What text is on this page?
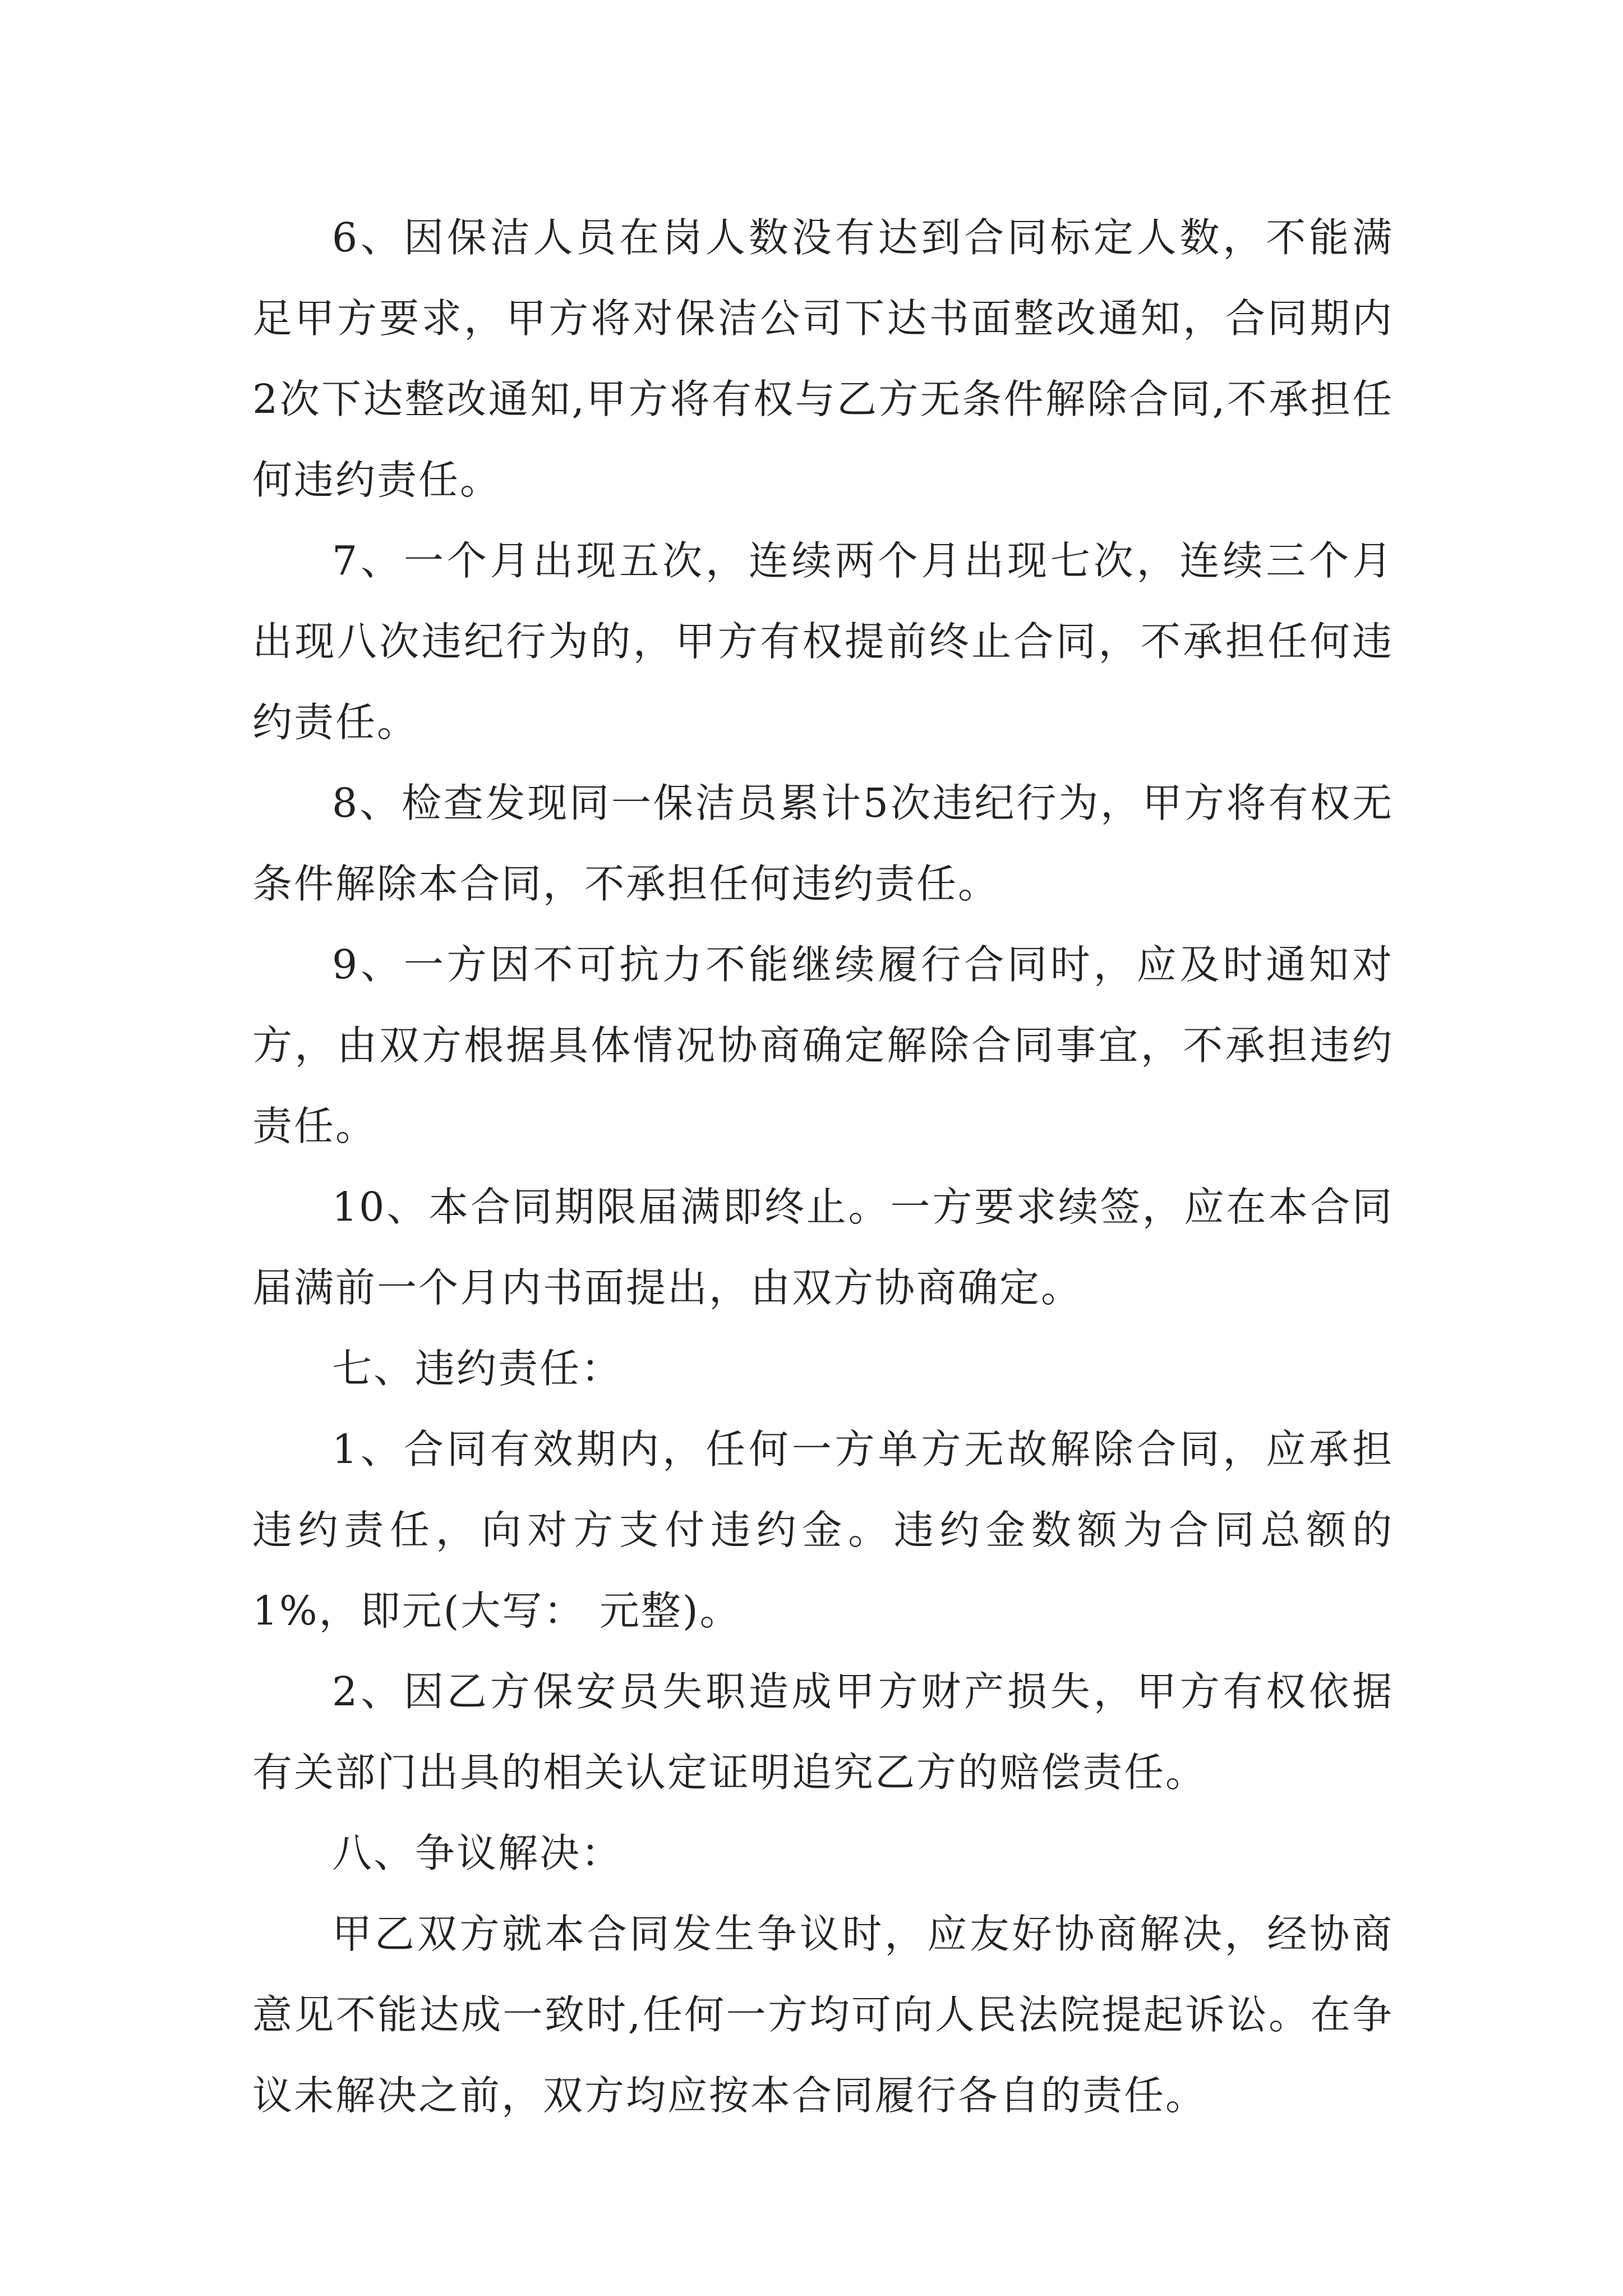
6、因保洁人员在岗人数没有达到合同标定人数，不能满足甲方要求，甲方将对保洁公司下达书面整改通知，合同期内2次下达整改通知,甲方将有权与乙方无条件解除合同,不承担任何违约责任。

7、一个月出现五次，连续两个月出现七次，连续三个月出现八次违纪行为的，甲方有权提前终止合同，不承担任何违约责任。

8、检查发现同一保洁员累计5次违纪行为，甲方将有权无条件解除本合同，不承担任何违约责任。

9、一方因不可抗力不能继续履行合同时，应及时通知对方，由双方根据具体情况协商确定解除合同事宜，不承担违约责任。

10、本合同期限届满即终止。一方要求续签，应在本合同届满前一个月内书面提出，由双方协商确定。

七、违约责任：

1、合同有效期内，任何一方单方无故解除合同，应承担违约责任，向对方支付违约金。违约金数额为合同总额的1%，即元(大写： 元整)。

2、因乙方保安员失职造成甲方财产损失，甲方有权依据有关部门出具的相关认定证明追究乙方的赔偿责任。

八、争议解决：

甲乙双方就本合同发生争议时，应友好协商解决，经协商意见不能达成一致时,任何一方均可向人民法院提起诉讼。在争议未解决之前，双方均应按本合同履行各自的责任。
